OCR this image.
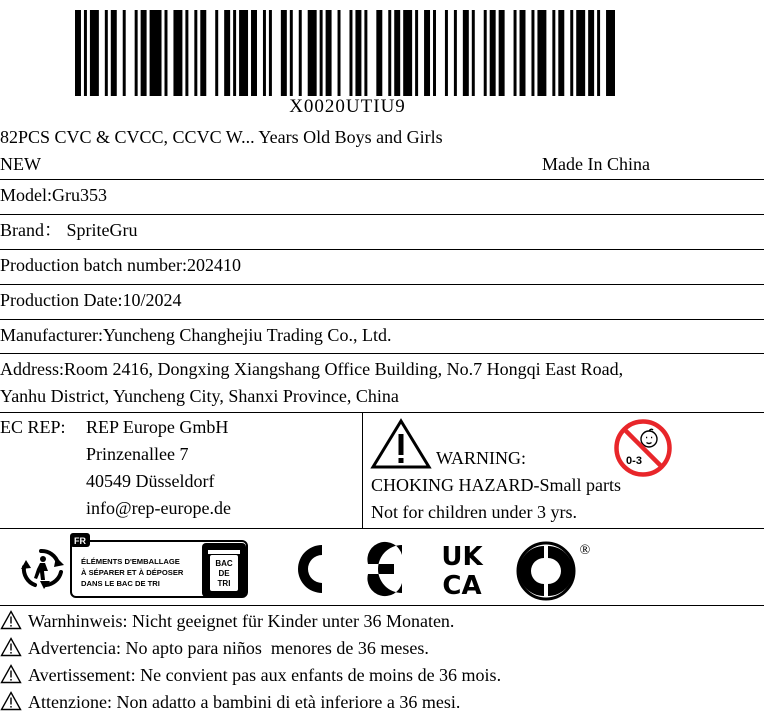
X0020UTIU9
82PCS CVC & CVCC, CCVC W... Years Old Boys and Girls
NEW	Made In China
Model:Gru353
Brand： SpriteGru
Production batch number:202410
Production Date:10/2024
Manufacturer:Yuncheng Changhejiu Trading Co., Ltd.
Address:Room 2416, Dongxing Xiangshang Office Building, No.7 Hongqi East Road,
Yanhu District, Yuncheng City, Shanxi Province, China
EC REP:	REP Europe GmbH
Prinzenallee 7
40549 Düsseldorf
info@rep-europe.de
WARNING:
CHOKING HAZARD-Small parts
Not for children under 3 yrs.
0-3
FR
ÉLÉMENTS D'EMBALLAGE
À SÉPARER ET À DÉPOSER
DANS LE BAC DE TRI
BAC
DE
TRI
UK
CA
®
Warnhinweis: Nicht geeignet für Kinder unter 36 Monaten.
Advertencia: No apto para niños  menores de 36 meses.
Avertissement: Ne convient pas aux enfants de moins de 36 mois.
Attenzione: Non adatto a bambini di età inferiore a 36 mesi.
